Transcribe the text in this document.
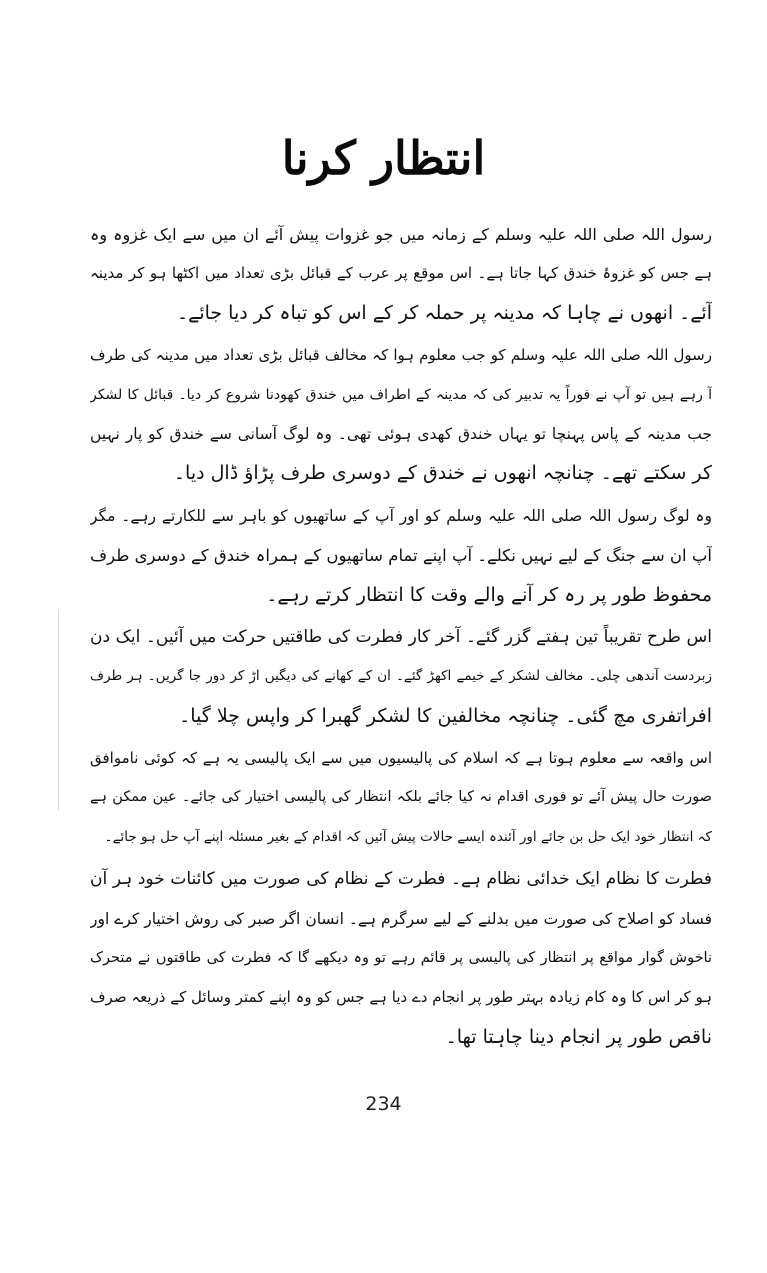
انتظار کرنا

رسول اللہ صلی اللہ علیہ وسلم کے زمانہ میں جو غزوات پیش آئے ان میں سے ایک غزوہ وہ
ہے جس کو غزوۂ خندق کہا جاتا ہے۔ اس موقع پر عرب کے قبائل بڑی تعداد میں اکٹھا ہو کر مدینہ
آئے۔ انھوں نے چاہا کہ مدینہ پر حملہ کر کے اس کو تباہ کر دیا جائے۔

رسول اللہ صلی اللہ علیہ وسلم کو جب معلوم ہوا کہ مخالف قبائل بڑی تعداد میں مدینہ کی طرف
آ رہے ہیں تو آپ نے فوراً یہ تدبیر کی کہ مدینہ کے اطراف میں خندق کھودنا شروع کر دیا۔ قبائل کا لشکر
جب مدینہ کے پاس پہنچا تو یہاں خندق کھدی ہوئی تھی۔ وہ لوگ آسانی سے خندق کو پار نہیں
کر سکتے تھے۔ چنانچہ انھوں نے خندق کے دوسری طرف پڑاؤ ڈال دیا۔

وہ لوگ رسول اللہ صلی اللہ علیہ وسلم کو اور آپ کے ساتھیوں کو باہر سے للکارتے رہے۔ مگر
آپ ان سے جنگ کے لیے نہیں نکلے۔ آپ اپنے تمام ساتھیوں کے ہمراہ خندق کے دوسری طرف
محفوظ طور پر رہ کر آنے والے وقت کا انتظار کرتے رہے۔

اس طرح تقریباً تین ہفتے گزر گئے۔ آخر کار فطرت کی طاقتیں حرکت میں آئیں۔ ایک دن
زبردست آندھی چلی۔ مخالف لشکر کے خیمے اکھڑ گئے۔ ان کے کھانے کی دیگیں اڑ کر دور جا گریں۔ ہر طرف
افراتفری مچ گئی۔ چنانچہ مخالفین کا لشکر گھبرا کر واپس چلا گیا۔

اس واقعہ سے معلوم ہوتا ہے کہ اسلام کی پالیسیوں میں سے ایک پالیسی یہ ہے کہ کوئی ناموافق
صورت حال پیش آئے تو فوری اقدام نہ کیا جائے بلکہ انتظار کی پالیسی اختیار کی جائے۔ عین ممکن ہے
کہ انتظار خود ایک حل بن جائے اور آئندہ ایسے حالات پیش آئیں کہ اقدام کے بغیر مسئلہ اپنے آپ حل ہو جائے۔

فطرت کا نظام ایک خدائی نظام ہے۔ فطرت کے نظام کی صورت میں کائنات خود ہر آن
فساد کو اصلاح کی صورت میں بدلنے کے لیے سرگرم ہے۔ انسان اگر صبر کی روش اختیار کرے اور
ناخوش گوار مواقع پر انتظار کی پالیسی پر قائم رہے تو وہ دیکھے گا کہ فطرت کی طاقتوں نے متحرک
ہو کر اس کا وہ کام زیادہ بہتر طور پر انجام دے دیا ہے جس کو وہ اپنے کمتر وسائل کے ذریعہ صرف
ناقص طور پر انجام دینا چاہتا تھا۔

234
